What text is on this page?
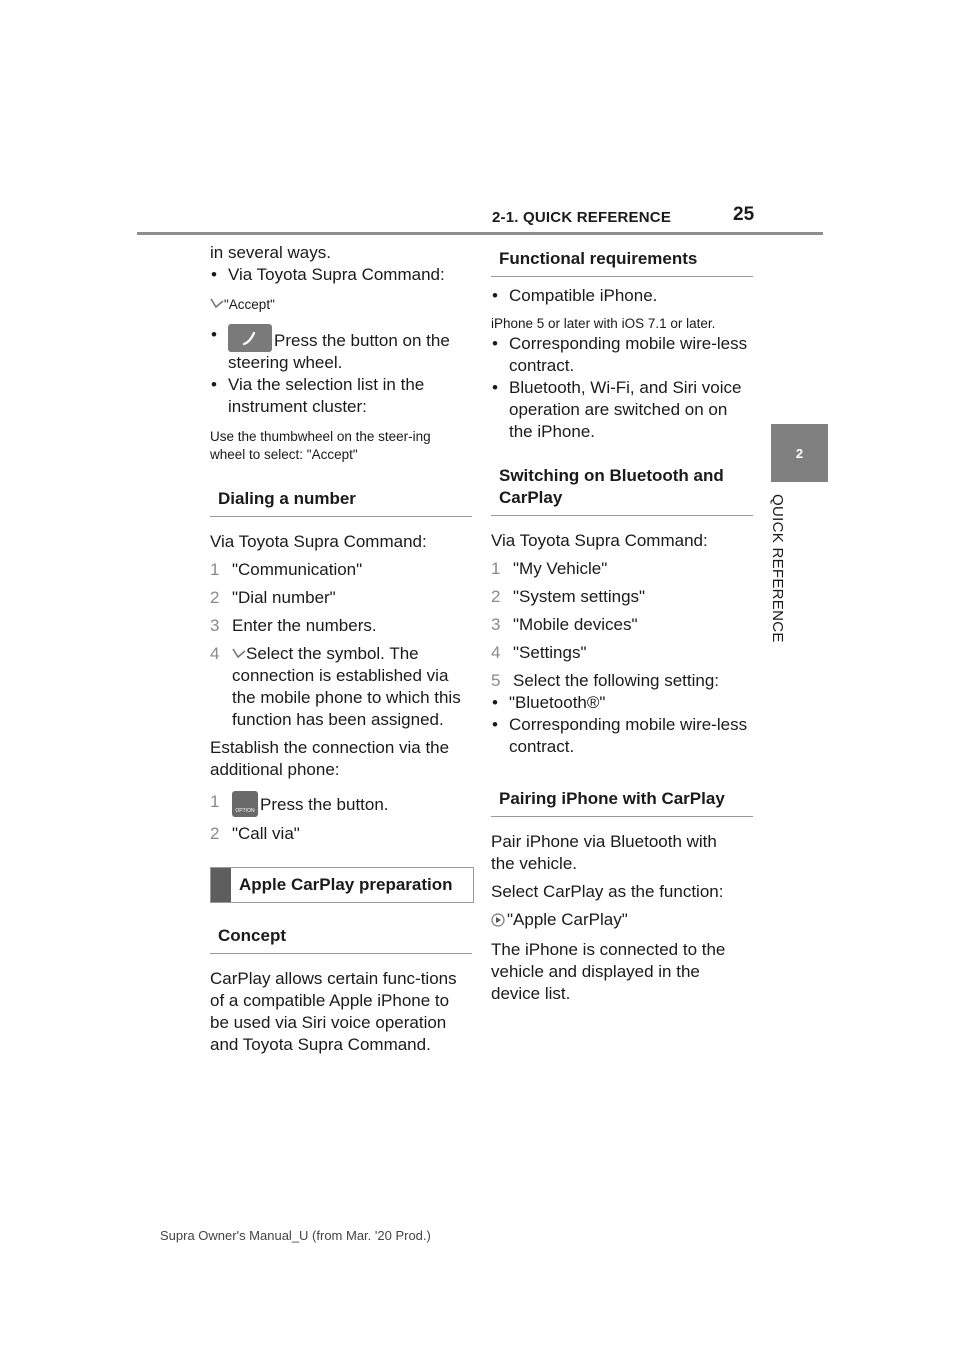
2-1. QUICK REFERENCE	25
2
QUICK REFERENCE
in several ways.
• Via Toyota Supra Command:
"Accept"
• Press the button on the steering wheel.
• Via the selection list in the instrument cluster:
Use the thumbwheel on the steer-ing wheel to select: "Accept"
Dialing a number
Via Toyota Supra Command:
1 "Communication"
2 "Dial number"
3 Enter the numbers.
4 Select the symbol. The connection is established via the mobile phone to which this function has been assigned.
Establish the connection via the additional phone:
1	OPTION Press the button.
2 "Call via"
Apple CarPlay preparation
Concept
CarPlay allows certain func-tions of a compatible Apple iPhone to be used via Siri voice operation and Toyota Supra Command.
Functional requirements
• Compatible iPhone.
iPhone 5 or later with iOS 7.1 or later.
• Corresponding mobile wire-less contract.
• Bluetooth, Wi-Fi, and Siri voice operation are switched on on the iPhone.
Switching on Bluetooth and CarPlay
Via Toyota Supra Command:
1 "My Vehicle"
2 "System settings"
3 "Mobile devices"
4 "Settings"
5 Select the following setting:
• "Bluetooth®"
• Corresponding mobile wire-less contract.
Pairing iPhone with CarPlay
Pair iPhone via Bluetooth with the vehicle.
Select CarPlay as the function:
"Apple CarPlay"
The iPhone is connected to the vehicle and displayed in the device list.
Supra Owner's Manual_U (from Mar. '20 Prod.)
